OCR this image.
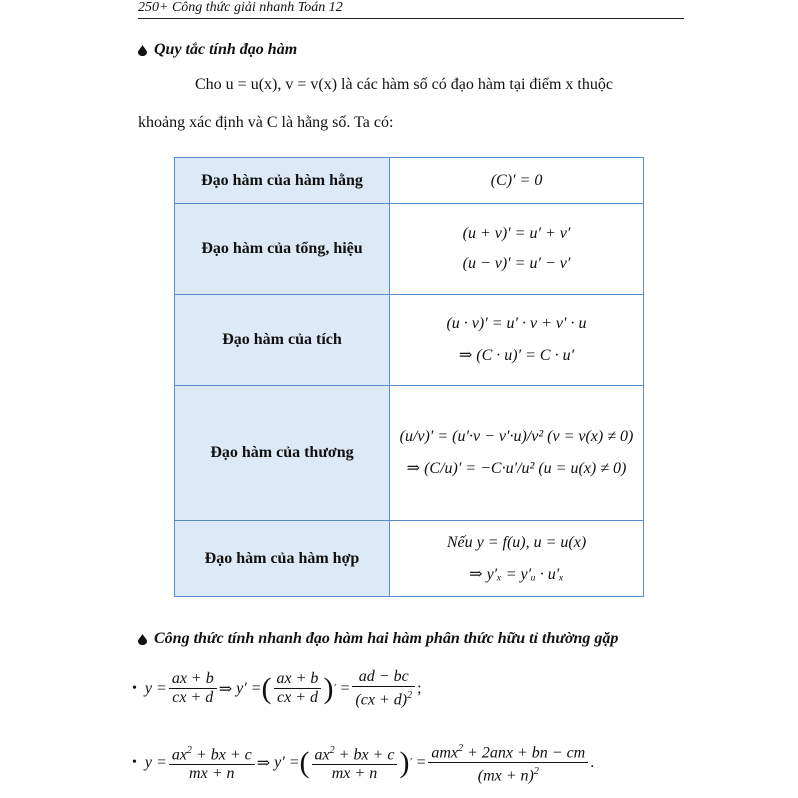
250+ Công thức giải nhanh Toán 12
Quy tắc tính đạo hàm
Cho u = u(x), v = v(x) là các hàm số có đạo hàm tại điểm x thuộc
khoảng xác định và C là hằng số. Ta có:
Đạo hàm của hàm hằng	(C)′ = 0

Đạo hàm của tổng, hiệu	(u + v)′ = u′ + v′
(u − v)′ = u′ − v′

Đạo hàm của tích	(u · v)′ = u′ · v + v′ · u
⇒ (C · u)′ = C · u′

Đạo hàm của thương	(u/v)′ = (u′·v − v′·u)/v² (v = v(x) ≠ 0)
⇒ (C/u)′ = −C·u′/u² (u = u(x) ≠ 0)

Đạo hàm của hàm hợp	Nếu y = f(u), u = u(x)
⇒ y′ₓ = y′ᵤ · u′ₓ
Công thức tính nhanh đạo hàm hai hàm phân thức hữu tỉ thường gặp
• $y = \frac{ax + b}{cx + d}$ ⇒ y′ = ( $\frac{ax + b}{cx + d}$ ) ′ = $\frac{ad - bc}{(cx + d)^2}$ ;
• $y = \frac{ax^2 + bx + c}{mx + n}$ ⇒ y′ = ( $\frac{ax^2 + bx + c}{mx + n}$ ) ′ = $\frac{amx^2 + 2anx + bn - cm}{(mx + n)^2}$ .
